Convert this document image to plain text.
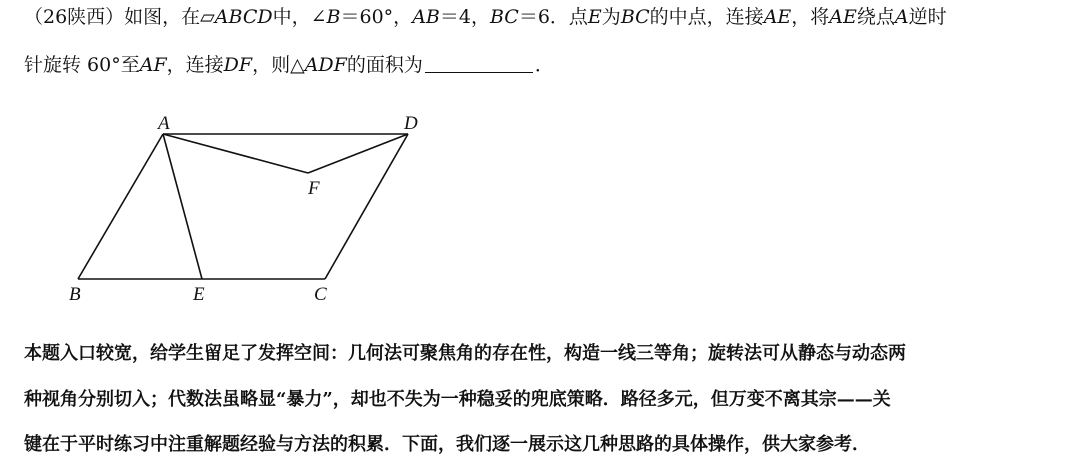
（26陕西）如图，在▱ABCD中，∠B＝60°，AB＝4，BC＝6．点E为BC的中点，连接AE，将AE绕点A逆时
针旋转 60°至AF，连接DF，则△ADF的面积为	．
A	D
F
B	E	C
本题入口较宽，给学生留足了发挥空间：几何法可聚焦角的存在性，构造一线三等角；旋转法可从静态与动态两
种视角分别切入；代数法虽略显“暴力”，却也不失为一种稳妥的兜底策略．路径多元，但万变不离其宗——关
键在于平时练习中注重解题经验与方法的积累．下面，我们逐一展示这几种思路的具体操作，供大家参考．
